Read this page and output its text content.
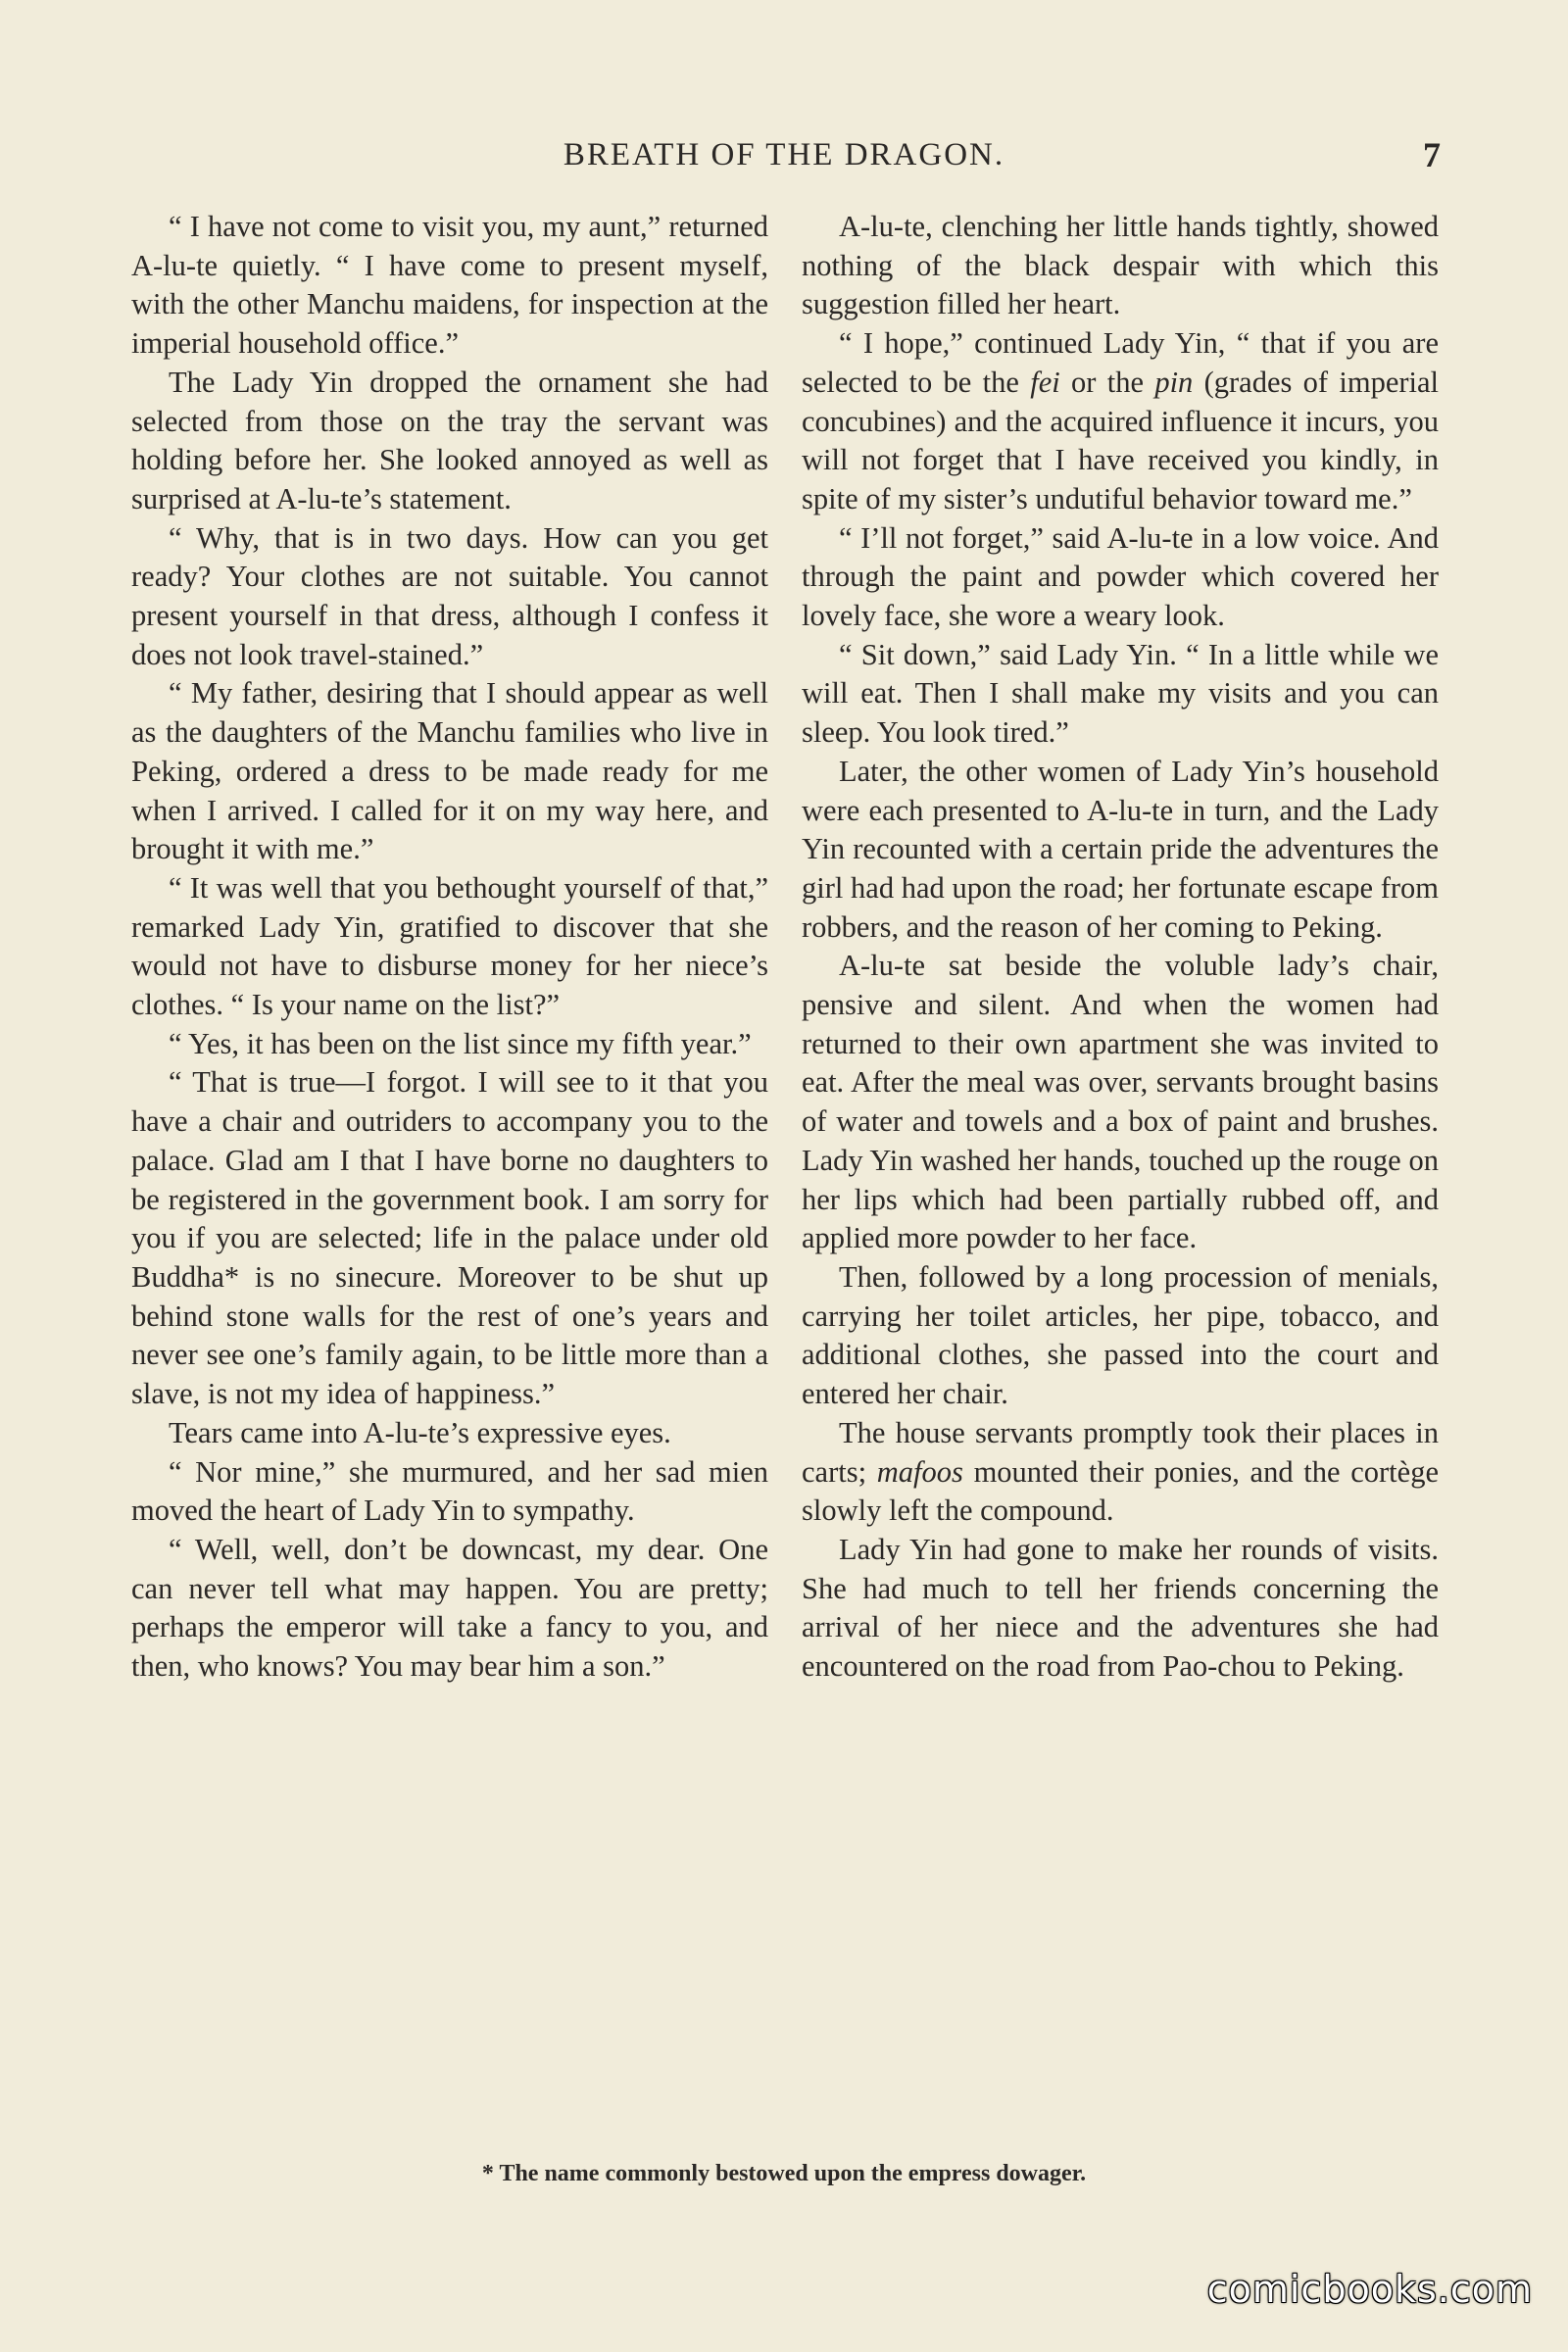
BREATH OF THE DRAGON.	7

“ I have not come to visit you, my aunt,” returned A-lu-te quietly. “ I have come to present myself, with the other Manchu maidens, for inspection at the imperial household office.”

The Lady Yin dropped the ornament she had selected from those on the tray the servant was holding before her. She looked annoyed as well as surprised at A-lu-te’s statement.

“ Why, that is in two days. How can you get ready? Your clothes are not suitable. You cannot present yourself in that dress, although I confess it does not look travel-stained.”

“ My father, desiring that I should appear as well as the daughters of the Manchu families who live in Peking, ordered a dress to be made ready for me when I arrived. I called for it on my way here, and brought it with me.”

“ It was well that you bethought yourself of that,” remarked Lady Yin, gratified to discover that she would not have to disburse money for her niece’s clothes. “ Is your name on the list?”

“ Yes, it has been on the list since my fifth year.”

“ That is true—I forgot. I will see to it that you have a chair and outriders to accompany you to the palace. Glad am I that I have borne no daughters to be registered in the government book. I am sorry for you if you are selected; life in the palace under old Buddha* is no sinecure. Moreover to be shut up behind stone walls for the rest of one’s years and never see one’s family again, to be little more than a slave, is not my idea of happiness.”

Tears came into A-lu-te’s expressive eyes.

“ Nor mine,” she murmured, and her sad mien moved the heart of Lady Yin to sympathy.

“ Well, well, don’t be downcast, my dear. One can never tell what may happen. You are pretty; perhaps the emperor will take a fancy to you, and then, who knows? You may bear him a son.”

A-lu-te, clenching her little hands tightly, showed nothing of the black despair with which this suggestion filled her heart.

“ I hope,” continued Lady Yin, “ that if you are selected to be the fei or the pin (grades of imperial concubines) and the acquired influence it incurs, you will not forget that I have received you kindly, in spite of my sister’s undutiful behavior toward me.”

“ I’ll not forget,” said A-lu-te in a low voice. And through the paint and powder which covered her lovely face, she wore a weary look.

“ Sit down,” said Lady Yin. “ In a little while we will eat. Then I shall make my visits and you can sleep. You look tired.”

Later, the other women of Lady Yin’s household were each presented to A-lu-te in turn, and the Lady Yin recounted with a certain pride the adventures the girl had had upon the road; her fortunate escape from robbers, and the reason of her coming to Peking.

A-lu-te sat beside the voluble lady’s chair, pensive and silent. And when the women had returned to their own apartment she was invited to eat. After the meal was over, servants brought basins of water and towels and a box of paint and brushes. Lady Yin washed her hands, touched up the rouge on her lips which had been partially rubbed off, and applied more powder to her face.

Then, followed by a long procession of menials, carrying her toilet articles, her pipe, tobacco, and additional clothes, she passed into the court and entered her chair.

The house servants promptly took their places in carts; mafoos mounted their ponies, and the cortège slowly left the compound.

Lady Yin had gone to make her rounds of visits. She had much to tell her friends concerning the arrival of her niece and the adventures she had encountered on the road from Pao-chou to Peking.

* The name commonly bestowed upon the empress dowager.
comicbooks.com
